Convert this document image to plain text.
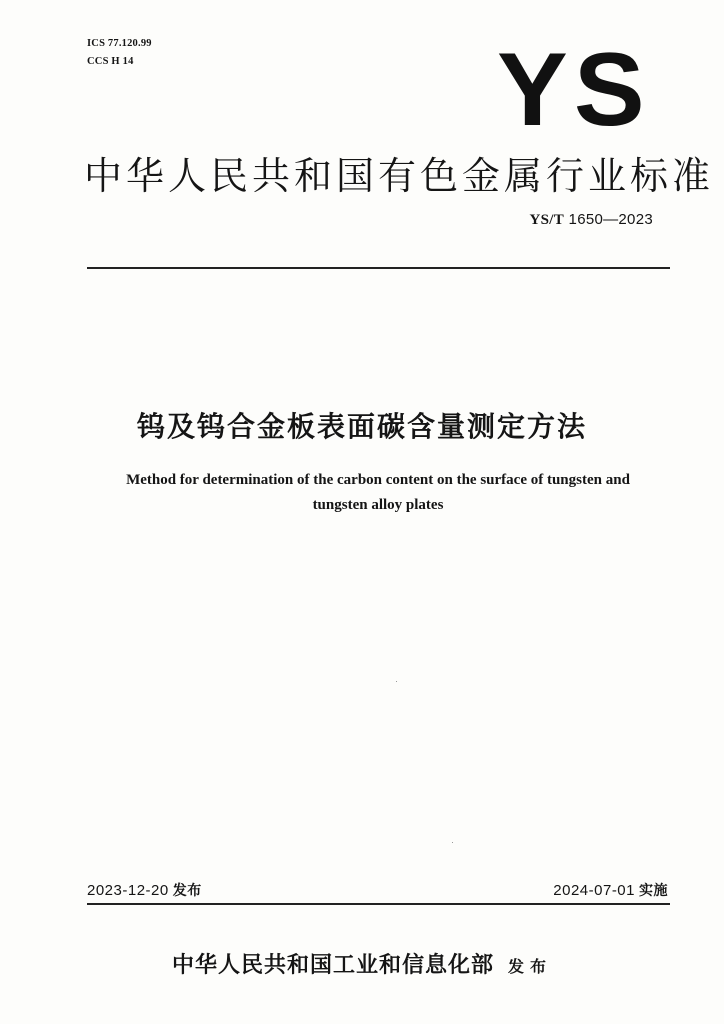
ICS 77.120.99
CCS H 14	YS
中华人民共和国有色金属行业标准
YS/T 1650—2023
钨及钨合金板表面碳含量测定方法
Method for determination of the carbon content on the surface of tungsten and
tungsten alloy plates
2023-12-20 发布	2024-07-01 实施
中华人民共和国工业和信息化部 发布
